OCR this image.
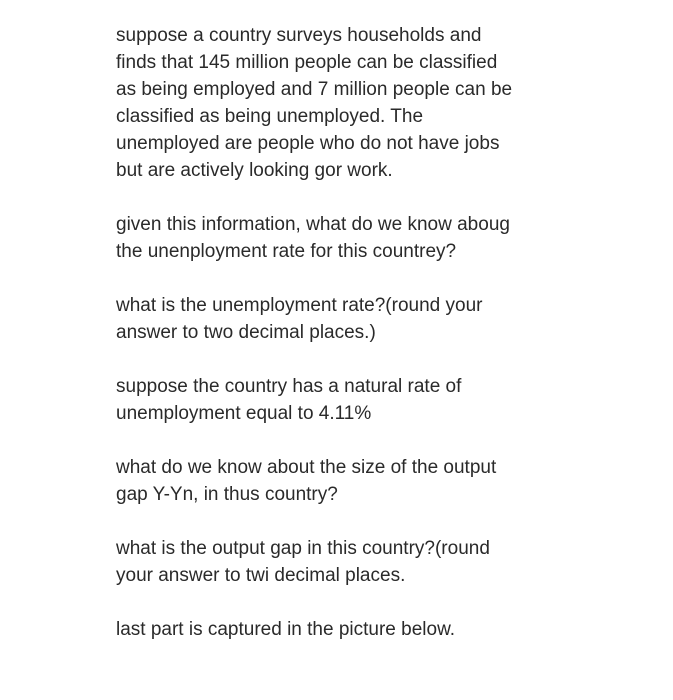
suppose a country surveys households and
finds that 145 million people can be classified
as being employed and 7 million people can be
classified as being unemployed. The
unemployed are people who do not have jobs
but are actively looking gor work.

given this information, what do we know aboug
the unenployment rate for this countrey?

what is the unemployment rate?(round your
answer to two decimal places.)

suppose the country has a natural rate of
unemployment equal to 4.11%

what do we know about the size of the output
gap Y-Yn, in thus country?

what is the output gap in this country?(round
your answer to twi decimal places.

last part is captured in the picture below.
